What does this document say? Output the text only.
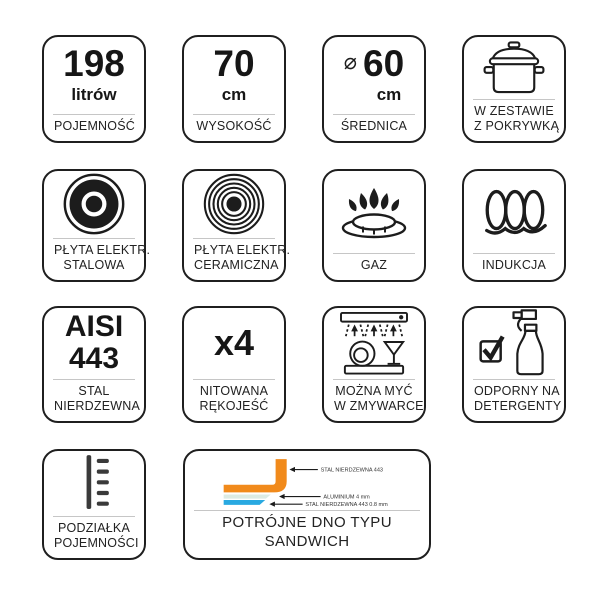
198
litrów
POJEMNOŚĆ
70
cm
WYSOKOŚĆ
⌀ 60
cm
ŚREDNICA
W ZESTAWIE
Z POKRYWKĄ
PŁYTA ELEKTR.
STALOWA
PŁYTA ELEKTR.
CERAMICZNA	GAZ	INDUKCJA
AISI
443
STAL
NIERDZEWNA
x4
NITOWANA
RĘKOJEŚĆ
MOŻNA MYĆ
W ZMYWARCE
ODPORNY NA
DETERGENTY
PODZIAŁKA
POJEMNOŚCI
STAL NIERDZEWNA 443
ALUMINIUM 4 mm
STAL NIERDZEWNA 443 0.8 mm
POTRÓJNE DNO TYPU SANDWICH
